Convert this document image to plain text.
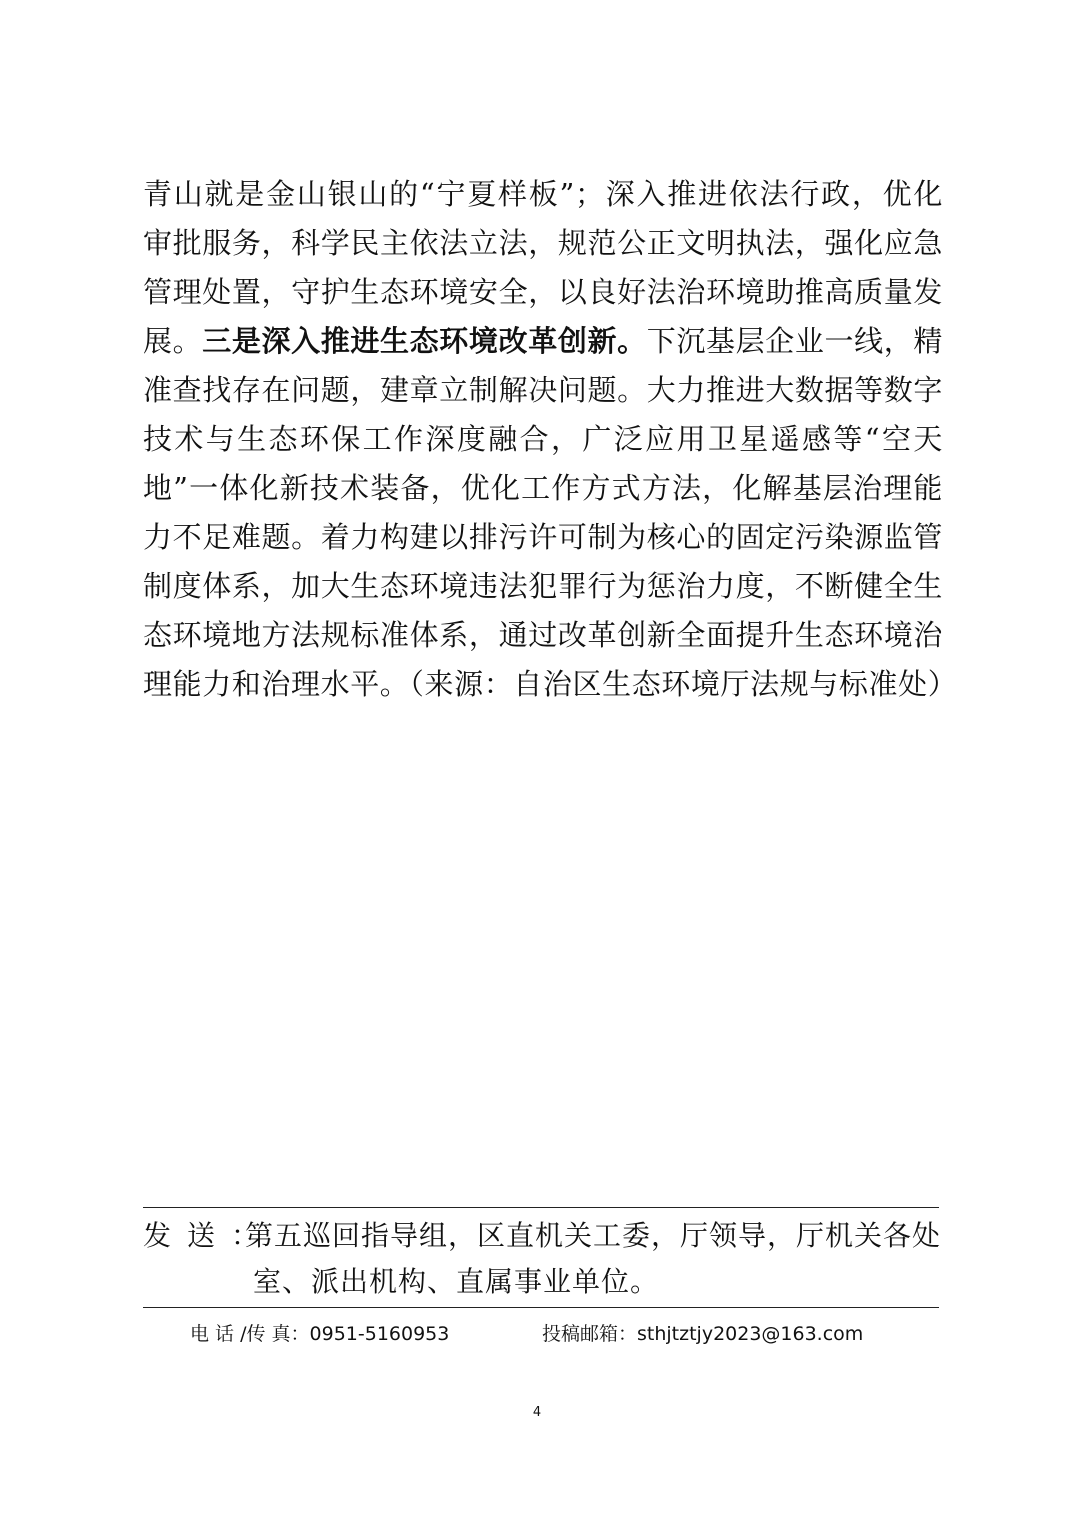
青山就是金山银山的“宁夏样板”；深入推进依法行政，优化审批服务，科学民主依法立法，规范公正文明执法，强化应急管理处置，守护生态环境安全，以良好法治环境助推高质量发展。三是深入推进生态环境改革创新。下沉基层企业一线，精准查找存在问题，建章立制解决问题。大力推进大数据等数字技术与生态环保工作深度融合，广泛应用卫星遥感等“空天地”一体化新技术装备，优化工作方式方法，化解基层治理能力不足难题。着力构建以排污许可制为核心的固定污染源监管制度体系，加大生态环境违法犯罪行为惩治力度，不断健全生态环境地方法规标准体系，通过改革创新全面提升生态环境治理能力和治理水平。（来源：自治区生态环境厅法规与标准处）

发送：
第五巡回指导组，区直机关工委，厅领导，厅机关各处
室、派出机构、直属事业单位。
电 话 /传 真：0951-5160953	投稿邮箱：sthjtztjy2023@163.com
4
